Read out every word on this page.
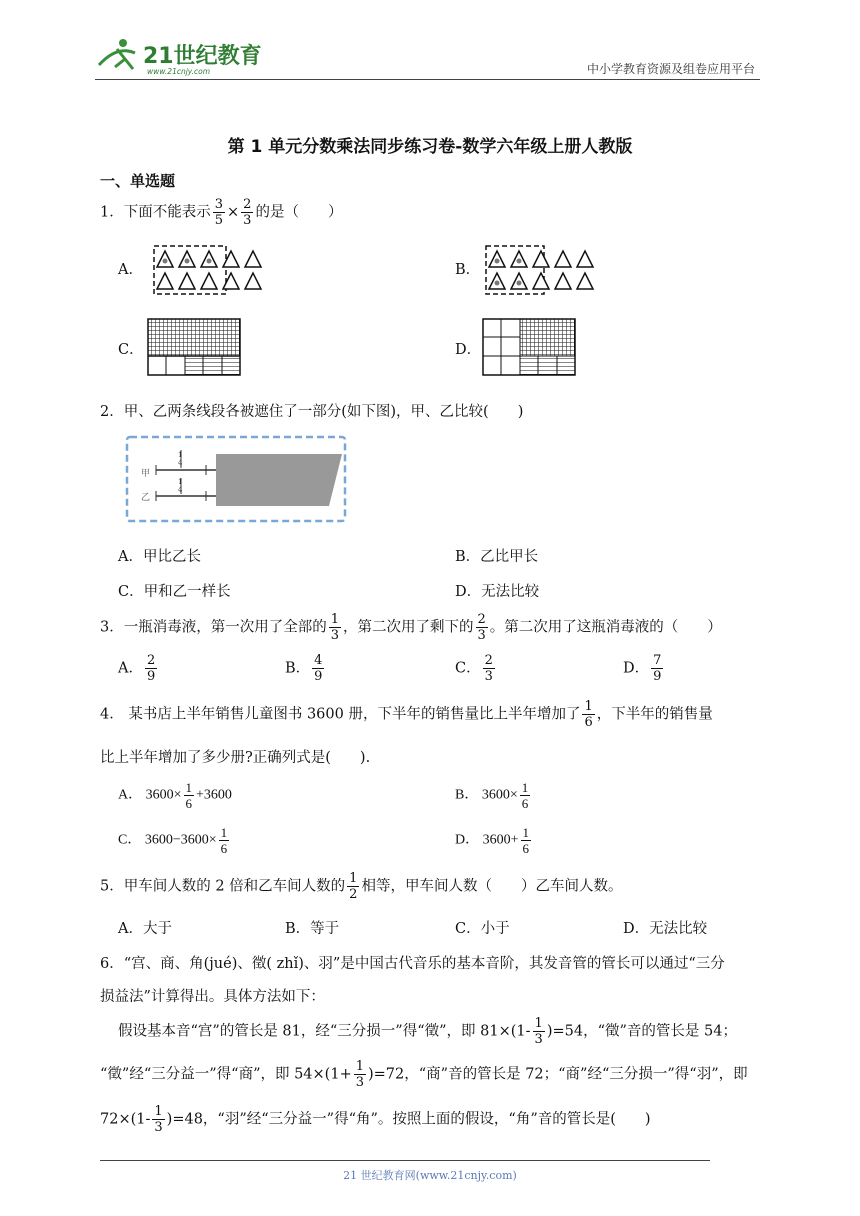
21世纪教育
www.21cnjy.com	中小学教育资源及组卷应用平台
第 1 单元分数乘法同步练习卷-数学六年级上册人教版
一、单选题
1．下面不能表示 $\frac{3}{5} \times \frac{2}{3}$ 的是（　　）
A．	B．
C．	D．
2．甲、乙两条线段各被遮住了一部分(如下图)，甲、乙比较(　　)
甲
乙
1
4
1
4
A．甲比乙长	B．乙比甲长
C．甲和乙一样长	D．无法比较
3．一瓶消毒液，第一次用了全部的 $\frac{1}{3}$ ，第二次用了剩下的 $\frac{2}{3}$ 。第二次用了这瓶消毒液的（　　）
A． $\frac{2}{9}$	B． $\frac{4}{9}$	C． $\frac{2}{3}$	D． $\frac{7}{9}$
4． 某书店上半年销售儿童图书 3600 册，下半年的销售量比上半年增加了 $\frac{1}{6}$ ，下半年的销售量
比上半年增加了多少册?正确列式是(　　).
A． $3600\times \frac{1}{6} +3600$	B． $3600\times \frac{1}{6}$
C． $3600-3600\times \frac{1}{6}$	D． $3600+ \frac{1}{6}$
5．甲车间人数的 2 倍和乙车间人数的 $\frac{1}{2}$ 相等，甲车间人数（　　）乙车间人数。
A．大于	B．等于	C．小于	D．无法比较
6．“宫、商、角(jué)、徵( zhǐ)、羽”是中国古代音乐的基本音阶，其发音管的管长可以通过“三分
损益法”计算得出。具体方法如下：
假设基本音“宫”的管长是 81，经“三分损一”得“徵”，即 $81\times(1- \frac{1}{3} )=54$，“徵”音的管长是 54；
“徵”经“三分益一”得“商”，即 $54\times(1+ \frac{1}{3} )=72$，“商”音的管长是 72；“商”经“三分损一”得“羽”，即
$72\times(1- \frac{1}{3} )=48$，“羽”经“三分益一”得“角”。按照上面的假设，“角”音的管长是(　　)
21 世纪教育网(www.21cnjy.com)
